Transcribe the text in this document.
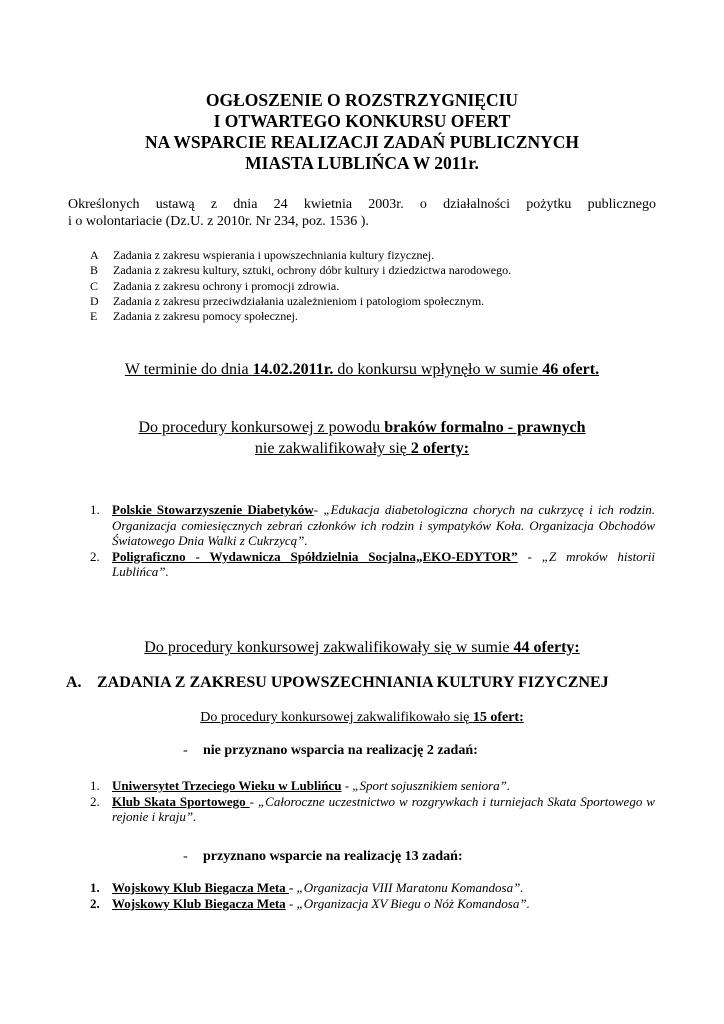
OGŁOSZENIE O ROZSTRZYGNIĘCIU
I OTWARTEGO KONKURSU OFERT
NA WSPARCIE REALIZACJI ZADAŃ PUBLICZNYCH
MIASTA LUBLIŃCA W 2011r.
Określonych ustawą z dnia 24 kwietnia 2003r. o działalności pożytku publicznego
i o wolontariacie (Dz.U. z 2010r. Nr 234, poz. 1536 ).
A	Zadania z zakresu wspierania i upowszechniania kultury fizycznej.
B	Zadania z zakresu kultury, sztuki, ochrony dóbr kultury i dziedzictwa narodowego.
C	Zadania z zakresu ochrony i promocji zdrowia.
D	Zadania z zakresu przeciwdziałania uzależnieniom i patologiom społecznym.
E	Zadania z zakresu pomocy społecznej.
W terminie do dnia 14.02.2011r. do konkursu wpłynęło w sumie 46 ofert.
Do procedury konkursowej z powodu braków formalno - prawnych
nie zakwalifikowały się 2 oferty:
1. Polskie Stowarzyszenie Diabetyków- „Edukacja diabetologiczna chorych na cukrzycę i ich rodzin. Organizacja comiesięcznych zebrań członków ich rodzin i sympatyków Koła. Organizacja Obchodów Światowego Dnia Walki z Cukrzycą”.
2. Poligraficzno - Wydawnicza Spółdzielnia Socjalna„EKO-EDYTOR” - „Z mroków historii Lublińca”.
Do procedury konkursowej zakwalifikowały się w sumie 44 oferty:
A. ZADANIA Z ZAKRESU UPOWSZECHNIANIA KULTURY FIZYCZNEJ
Do procedury konkursowej zakwalifikowało się 15 ofert:
- nie przyznano wsparcia na realizację 2 zadań:
1. Uniwersytet Trzeciego Wieku w Lublińcu - „Sport sojusznikiem seniora”.
2. Klub Skata Sportowego - „Całoroczne uczestnictwo w rozgrywkach i turniejach Skata Sportowego w rejonie i kraju”.
- przyznano wsparcie na realizację 13 zadań:
1. Wojskowy Klub Biegacza Meta - „Organizacja VIII Maratonu Komandosa”.
2. Wojskowy Klub Biegacza Meta - „Organizacja XV Biegu o Nóż Komandosa”.
